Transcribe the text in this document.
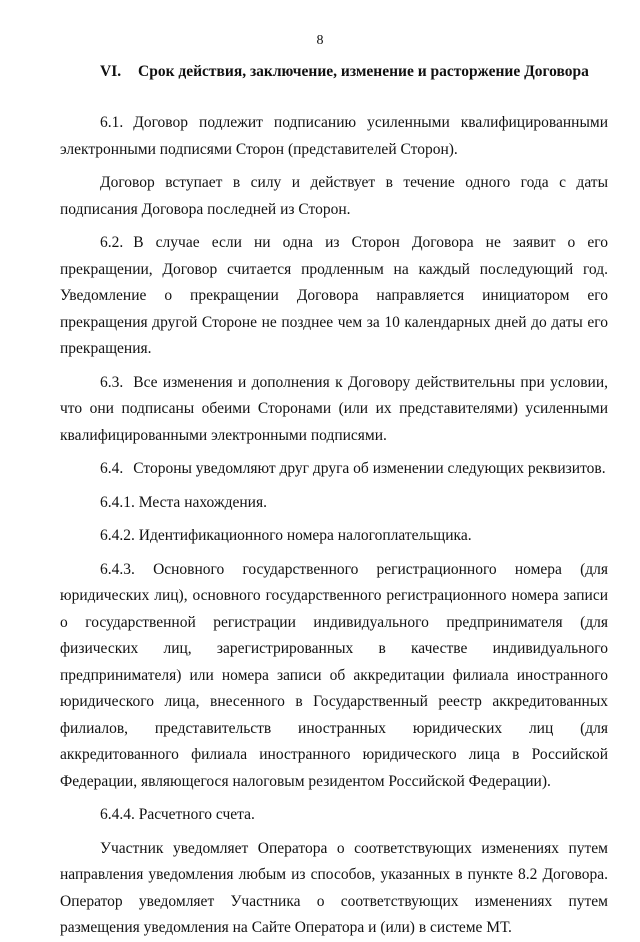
8
VI. Срок действия, заключение, изменение и расторжение Договора

6.1. Договор подлежит подписанию усиленными квалифицированными электронными подписями Сторон (представителей Сторон).

Договор вступает в силу и действует в течение одного года с даты подписания Договора последней из Сторон.

6.2. В случае если ни одна из Сторон Договора не заявит о его прекращении, Договор считается продленным на каждый последующий год. Уведомление о прекращении Договора направляется инициатором его прекращения другой Стороне не позднее чем за 10 календарных дней до даты его прекращения.

6.3. Все изменения и дополнения к Договору действительны при условии, что они подписаны обеими Сторонами (или их представителями) усиленными квалифицированными электронными подписями.

6.4. Стороны уведомляют друг друга об изменении следующих реквизитов.

6.4.1. Места нахождения.

6.4.2. Идентификационного номера налогоплательщика.

6.4.3. Основного государственного регистрационного номера (для юридических лиц), основного государственного регистрационного номера записи о государственной регистрации индивидуального предпринимателя (для физических лиц, зарегистрированных в качестве индивидуального предпринимателя) или номера записи об аккредитации филиала иностранного юридического лица, внесенного в Государственный реестр аккредитованных филиалов, представительств иностранных юридических лиц (для аккредитованного филиала иностранного юридического лица в Российской Федерации, являющегося налоговым резидентом Российской Федерации).

6.4.4. Расчетного счета.

Участник уведомляет Оператора о соответствующих изменениях путем направления уведомления любым из способов, указанных в пункте 8.2 Договора. Оператор уведомляет Участника о соответствующих изменениях путем размещения уведомления на Сайте Оператора и (или) в системе МТ.
